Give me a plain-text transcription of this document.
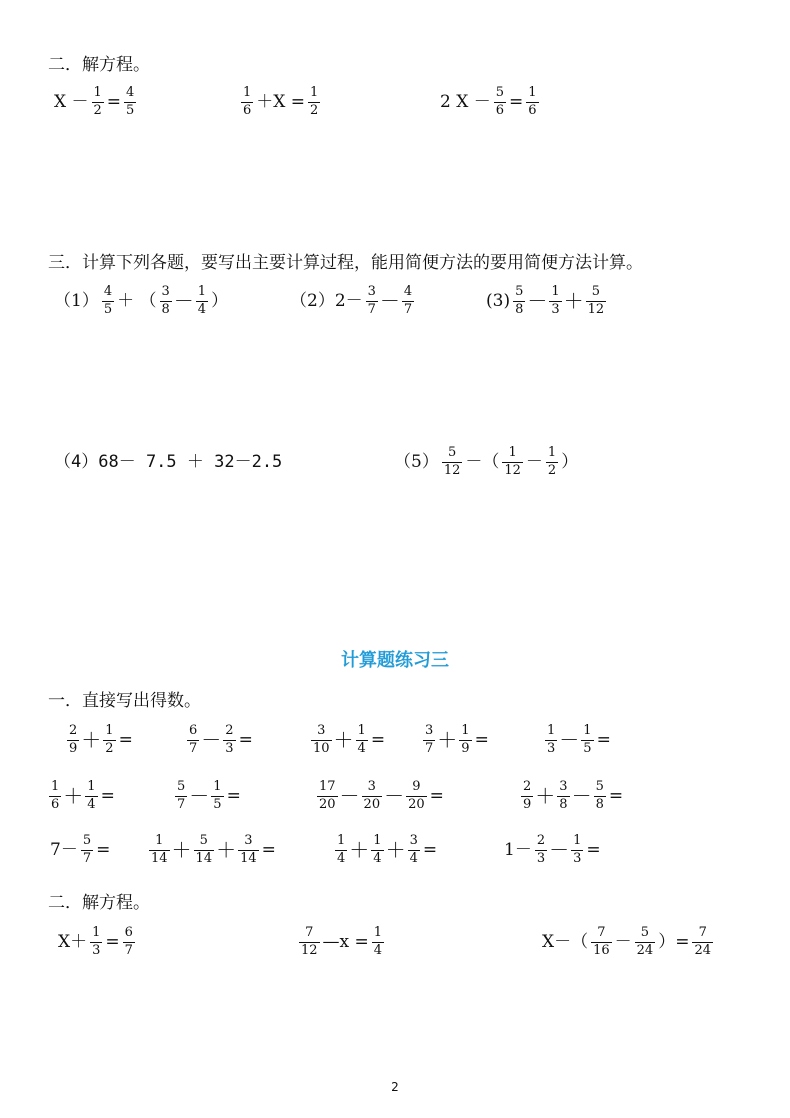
二．解方程。
$X - \frac{1}{2} = \frac{4}{5}$	$\frac{1}{6} +X = \frac{1}{2}$	2 $X - \frac{5}{6} = \frac{1}{6}$
三．计算下列各题，要写出主要计算过程，能用简便方法的要用简便方法计算。
$(1) \frac{4}{5}$ ＋ （ $\frac{3}{8} - \frac{1}{4}$ ）	$(2)2- \frac{3}{7} - \frac{4}{7}$	$(3) \frac{5}{8} - \frac{1}{3} + \frac{5}{12}$
（4）68－ 7.5 ＋ 32－2.5	$(5) \frac{5}{12}$ －（ $\frac{1}{12} - \frac{1}{2}$ ）
计算题练习三
一．直接写出得数。
$\frac{2}{9} + \frac{1}{2}$ =	$\frac{6}{7} - \frac{2}{3}$ =	$\frac{3}{10} + \frac{1}{4}$ =	$\frac{3}{7} + \frac{1}{9}$ =	$\frac{1}{3} - \frac{1}{5}$ =
$\frac{1}{6} + \frac{1}{4}$ =	$\frac{5}{7} - \frac{1}{5}$ =	$\frac{17}{20} - \frac{3}{20} - \frac{9}{20}$ =	$\frac{2}{9} + \frac{3}{8} - \frac{5}{8}$ =
$7- \frac{5}{7}$ =	$\frac{1}{14} + \frac{5}{14} + \frac{3}{14}$ =	$\frac{1}{4} + \frac{1}{4} + \frac{3}{4}$ =	$1- \frac{2}{3} - \frac{1}{3}$ =
二．解方程。
$X+ \frac{1}{3} = \frac{6}{7}$	$\frac{7}{12}$ —x = $\frac{1}{4}$	$X-( \frac{7}{16} - \frac{5}{24}$ ）= $\frac{7}{24}$
2
